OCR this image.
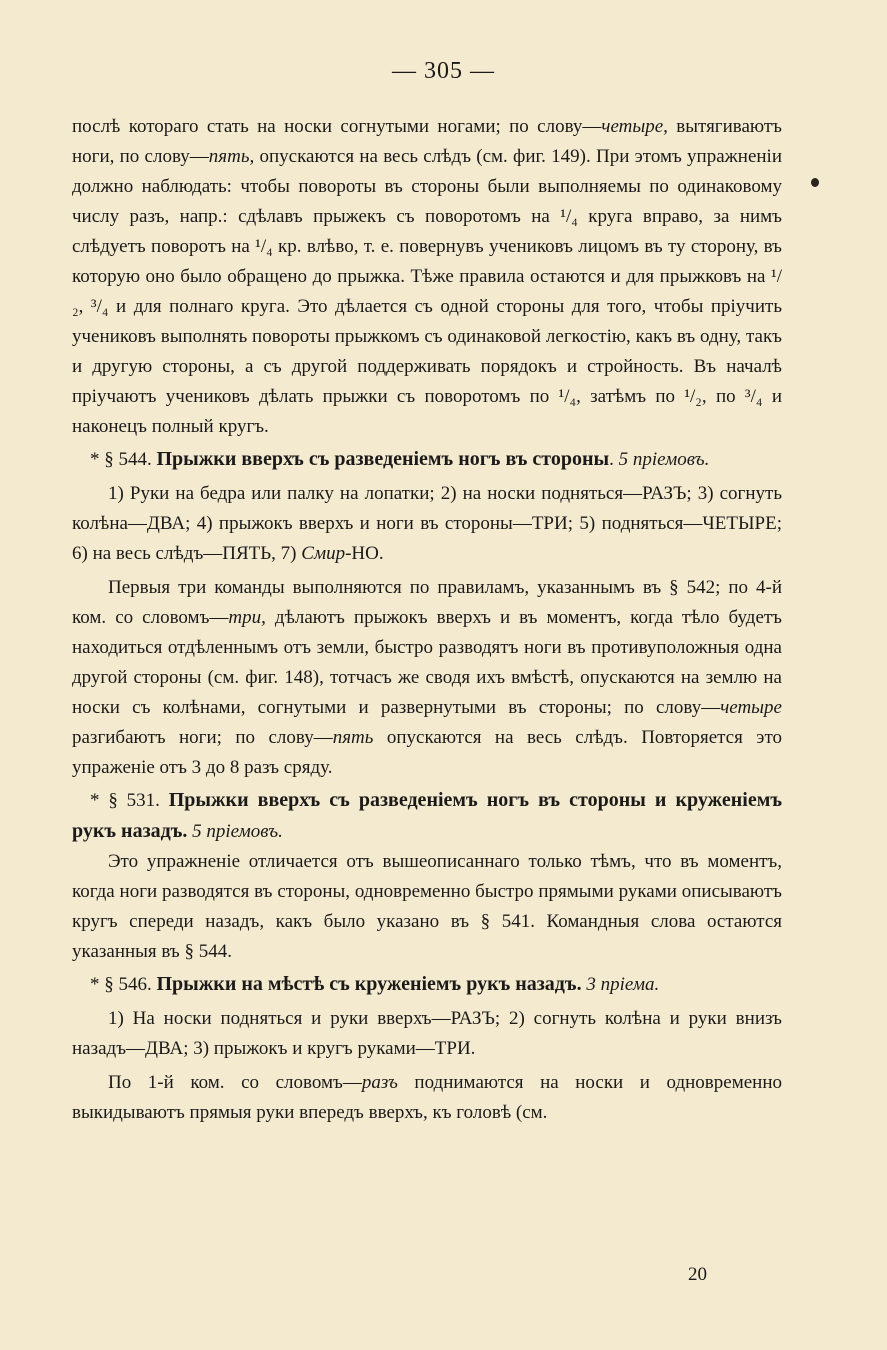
— 305 —

послѣ котораго стать на носки согнутыми ногами; по слову—четыре, вытягиваютъ ноги, по слову—пять, опускаются на весь слѣдъ (см. фиг. 149). При этомъ упражненіи должно наблюдать: чтобы повороты въ стороны были выполняемы по одинаковому числу разъ, напр.: сдѣлавъ прыжекъ съ поворотомъ на ¹/₄ круга вправо, за нимъ слѣдуетъ поворотъ на ¹/₄ кр. влѣво, т. е. повернувъ учениковъ лицомъ въ ту сторону, въ которую оно было обращено до прыжка. Тѣже правила остаются и для прыжковъ на ¹/₂, ³/₄ и для полнаго круга. Это дѣлается съ одной стороны для того, чтобы пріучить учениковъ выполнять повороты прыжкомъ съ одинаковой легкостію, какъ въ одну, такъ и другую стороны, а съ другой поддерживать порядокъ и стройность. Въ началѣ пріучаютъ учениковъ дѣлать прыжки съ поворотомъ по ¹/₄, затѣмъ по ¹/₂, по ³/₄ и наконецъ полный кругъ.

* § 544. Прыжки вверхъ съ разведеніемъ ногъ въ стороны. 5 пріемовъ.

1) Руки на бедра или палку на лопатки; 2) на носки подняться—РАЗЪ; 3) согнуть колѣна—ДВА; 4) прыжокъ вверхъ и ноги въ стороны—ТРИ; 5) подняться—ЧЕТЫРЕ; 6) на весь слѣдъ—ПЯТЬ, 7) Смир-НО.

Первыя три команды выполняются по правиламъ, указаннымъ въ § 542; по 4-й ком. со словомъ—три, дѣлаютъ прыжокъ вверхъ и въ моментъ, когда тѣло будетъ находиться отдѣленнымъ отъ земли, быстро разводятъ ноги въ противуположныя одна другой стороны (см. фиг. 148), тотчасъ же сводя ихъ вмѣстѣ, опускаются на землю на носки съ колѣнами, согнутыми и развернутыми въ стороны; по слову—четыре разгибаютъ ноги; по слову—пять опускаются на весь слѣдъ. Повторяется это упраженіе отъ 3 до 8 разъ сряду.

* § 531. Прыжки вверхъ съ разведеніемъ ногъ въ стороны и круженіемъ рукъ назадъ. 5 пріемовъ.

Это упражненіе отличается отъ вышеописаннаго только тѣмъ, что въ моментъ, когда ноги разводятся въ стороны, одновременно быстро прямыми руками описываютъ кругъ спереди назадъ, какъ было указано въ § 541. Командныя слова остаются указанныя въ § 544.

* § 546. Прыжки на мѣстѣ съ круженіемъ рукъ назадъ. 3 пріема.

1) На носки подняться и руки вверхъ—РАЗЪ; 2) согнуть колѣна и руки внизъ назадъ—ДВА; 3) прыжокъ и кругъ руками—ТРИ.

По 1-й ком. со словомъ—разъ поднимаются на носки и одновременно выкидываютъ прямыя руки впередъ вверхъ, къ головѣ (см.

20
